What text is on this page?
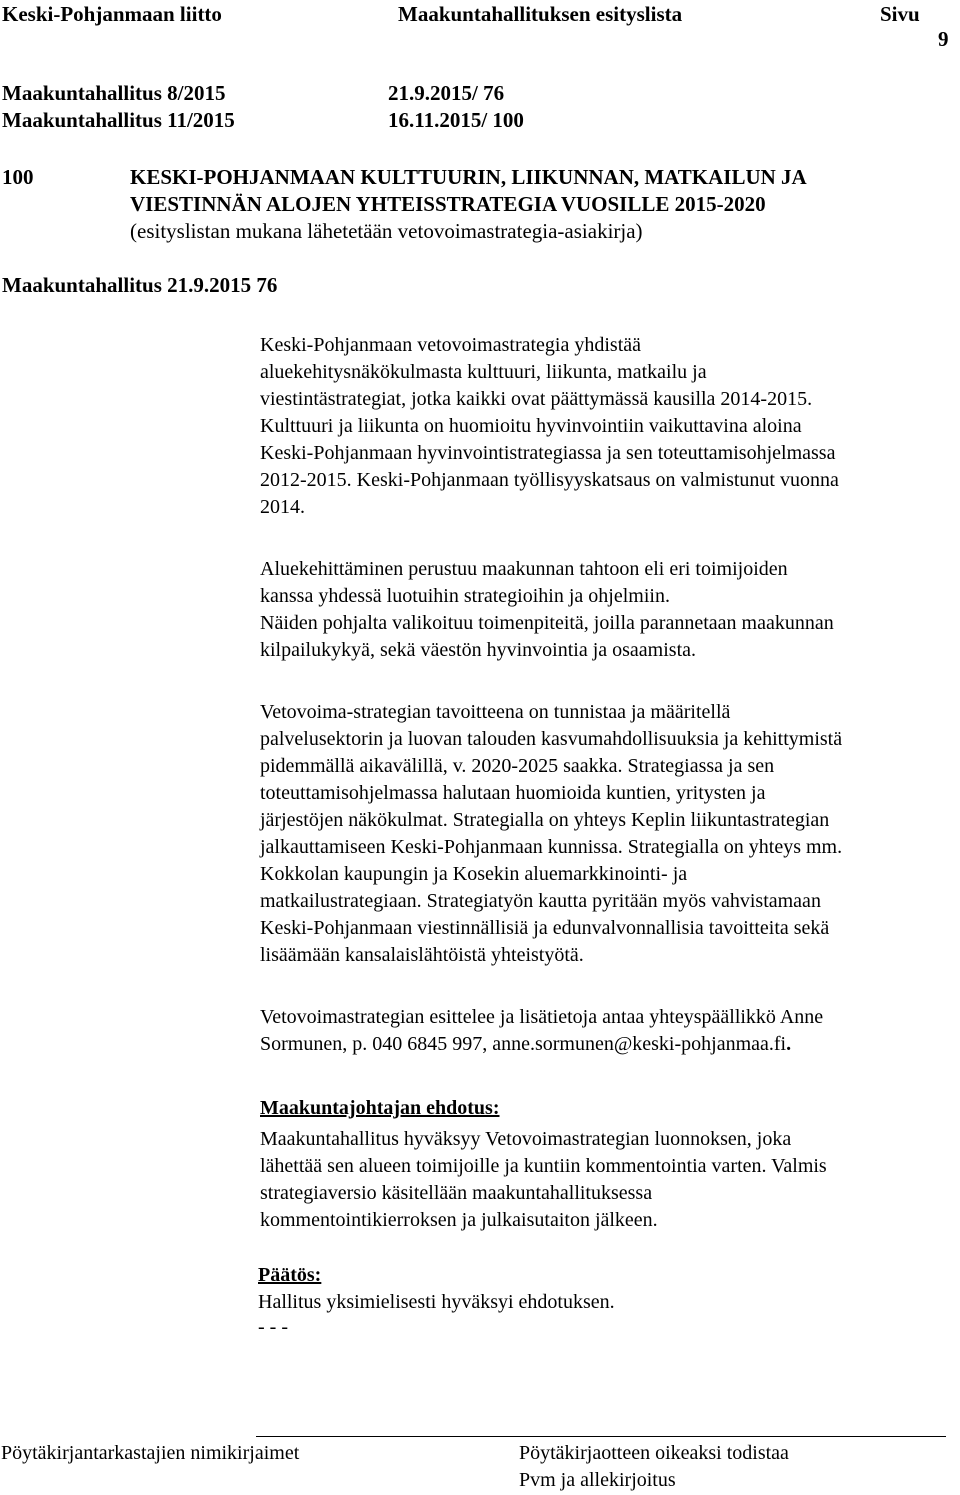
Keski-Pohjanmaan liitto	Maakuntahallituksen esityslista	Sivu
9
Maakuntahallitus 8/2015	21.9.2015/ 76
Maakuntahallitus 11/2015	16.11.2015/ 100
100	KESKI-POHJANMAAN KULTTUURIN, LIIKUNNAN, MATKAILUN JA
VIESTINNÄN ALOJEN YHTEISSTRATEGIA VUOSILLE 2015-2020
(esityslistan mukana lähetetään vetovoimastrategia-asiakirja)
Maakuntahallitus 21.9.2015 76

Keski-Pohjanmaan vetovoimastrategia yhdistää

aluekehitysnäkökulmasta kulttuuri, liikunta, matkailu ja

viestintästrategiat, jotka kaikki ovat päättymässä kausilla 2014-2015.

Kulttuuri ja liikunta on huomioitu hyvinvointiin vaikuttavina aloina

Keski-Pohjanmaan hyvinvointistrategiassa ja sen toteuttamisohjelmassa

2012-2015. Keski-Pohjanmaan työllisyyskatsaus on valmistunut vuonna

2014.

Aluekehittäminen perustuu maakunnan tahtoon eli eri toimijoiden

kanssa yhdessä luotuihin strategioihin ja ohjelmiin.

Näiden pohjalta valikoituu toimenpiteitä, joilla parannetaan maakunnan

kilpailukykyä, sekä väestön hyvinvointia ja osaamista.

Vetovoima-strategian tavoitteena on tunnistaa ja määritellä

palvelusektorin ja luovan talouden kasvumahdollisuuksia ja kehittymistä

pidemmällä aikavälillä, v. 2020-2025 saakka. Strategiassa ja sen

toteuttamisohjelmassa halutaan huomioida kuntien, yritysten ja

järjestöjen näkökulmat. Strategialla on yhteys Keplin liikuntastrategian

jalkauttamiseen Keski-Pohjanmaan kunnissa. Strategialla on yhteys mm.

Kokkolan kaupungin ja Kosekin aluemarkkinointi- ja

matkailustrategiaan. Strategiatyön kautta pyritään myös vahvistamaan

Keski-Pohjanmaan viestinnällisiä ja edunvalvonnallisia tavoitteita sekä

lisäämään kansalaislähtöistä yhteistyötä.

Vetovoimastrategian esittelee ja lisätietoja antaa yhteyspäällikkö Anne

Sormunen, p. 040 6845 997, anne.sormunen@keski-pohjanmaa.fi.

Maakuntajohtajan ehdotus:

Maakuntahallitus hyväksyy Vetovoimastrategian luonnoksen, joka

lähettää sen alueen toimijoille ja kuntiin kommentointia varten. Valmis

strategiaversio käsitellään maakuntahallituksessa

kommentointikierroksen ja julkaisutaiton jälkeen.

Päätös:

Hallitus yksimielisesti hyväksyi ehdotuksen.

- - -

Pöytäkirjantarkastajien nimikirjaimet	Pöytäkirjaotteen oikeaksi todistaa
Pvm ja allekirjoitus
